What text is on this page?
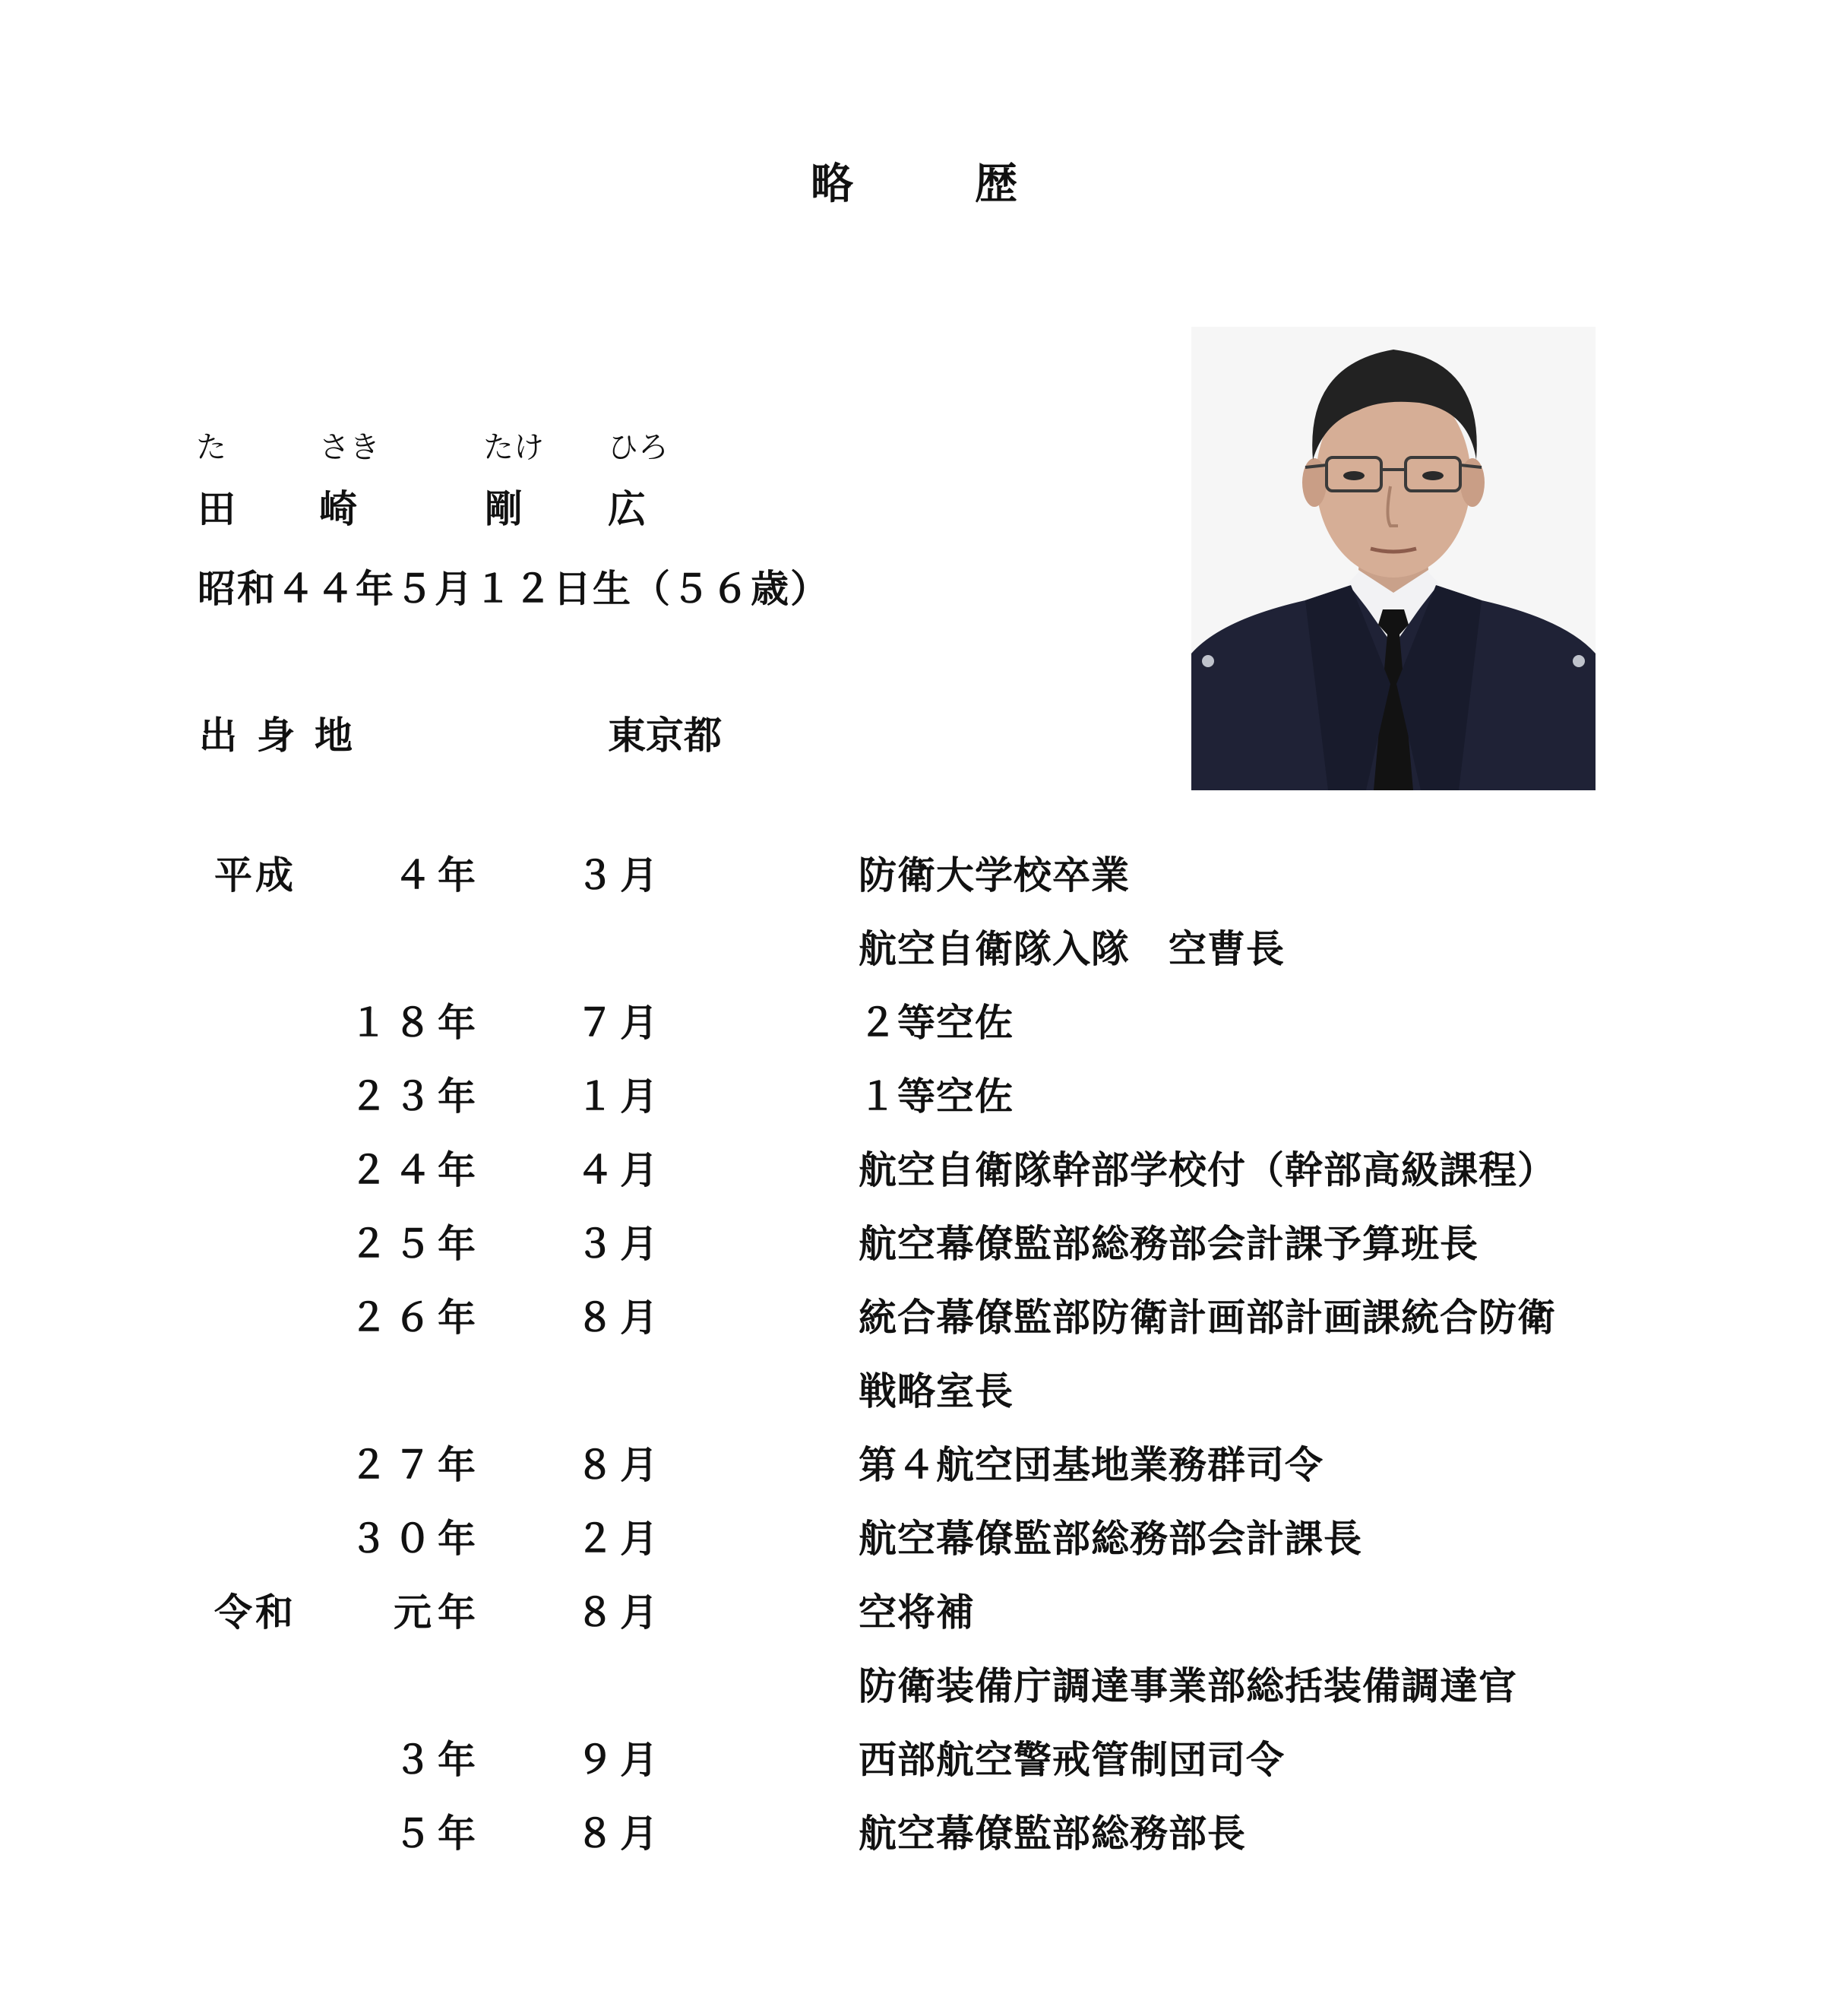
略	歴
た	さき	たけ ひろ
田 崎	剛 広
昭和４４年５月１２日生（５６歳）
出身地	東京都
平成	４年 ３月	防衛大学校卒業
航空自衛隊入隊　空曹長
１８年 ７月	２等空佐
２３年 １月	１等空佐
２４年 ４月	航空自衛隊幹部学校付（幹部高級課程）
２５年 ３月	航空幕僚監部総務部会計課予算班長
２６年 ８月	統合幕僚監部防衛計画部計画課統合防衛
戦略室長
２７年 ８月	第４航空団基地業務群司令
３０年 ２月	航空幕僚監部総務部会計課長
令和	元年 ８月	空将補
防衛装備庁調達事業部総括装備調達官
３年 ９月	西部航空警戒管制団司令
５年 ８月	航空幕僚監部総務部長
